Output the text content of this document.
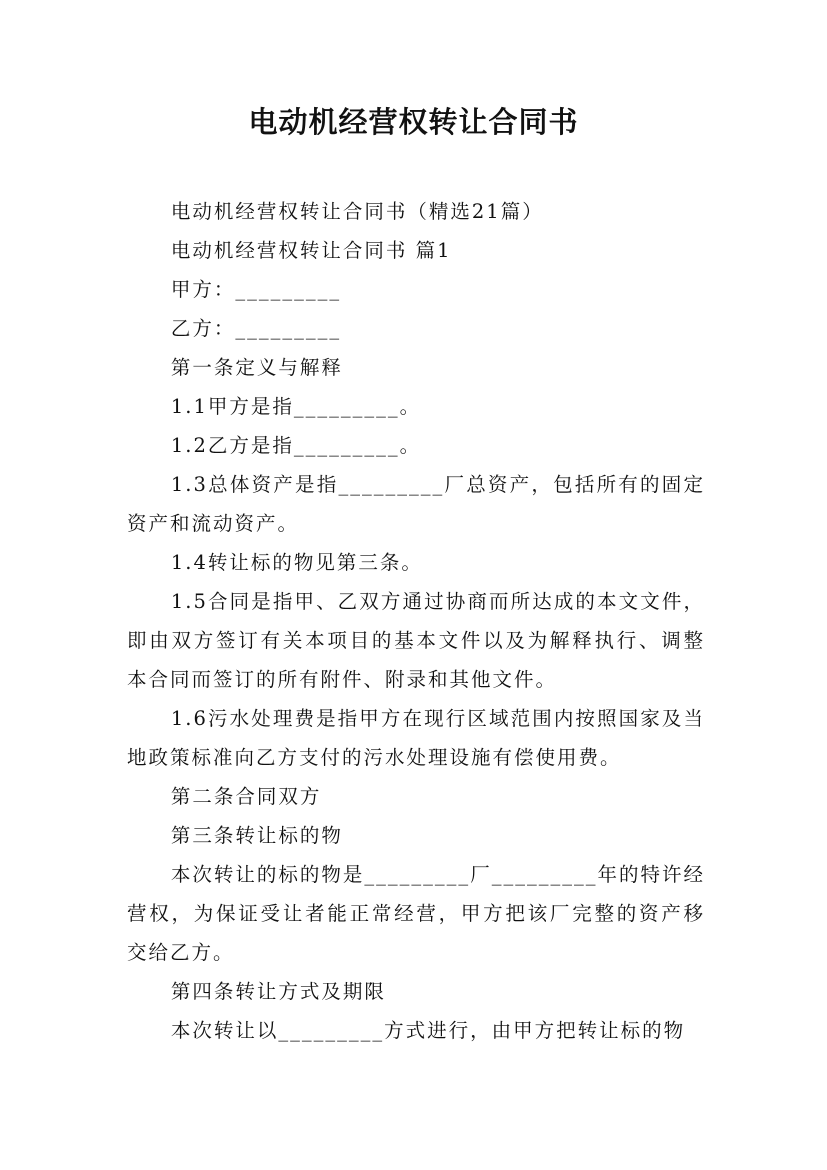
电动机经营权转让合同书

电动机经营权转让合同书（精选21篇）

电动机经营权转让合同书 篇1

甲方：_________

乙方：_________

第一条定义与解释

1.1甲方是指_________。

1.2乙方是指_________。

1.3总体资产是指_________厂总资产，包括所有的固定资产和流动资产。

1.4转让标的物见第三条。

1.5合同是指甲、乙双方通过协商而所达成的本文文件，即由双方签订有关本项目的基本文件以及为解释执行、调整本合同而签订的所有附件、附录和其他文件。

1.6污水处理费是指甲方在现行区域范围内按照国家及当地政策标准向乙方支付的污水处理设施有偿使用费。

第二条合同双方

第三条转让标的物

本次转让的标的物是_________厂_________年的特许经营权，为保证受让者能正常经营，甲方把该厂完整的资产移交给乙方。

第四条转让方式及期限

本次转让以_________方式进行，由甲方把转让标的物
